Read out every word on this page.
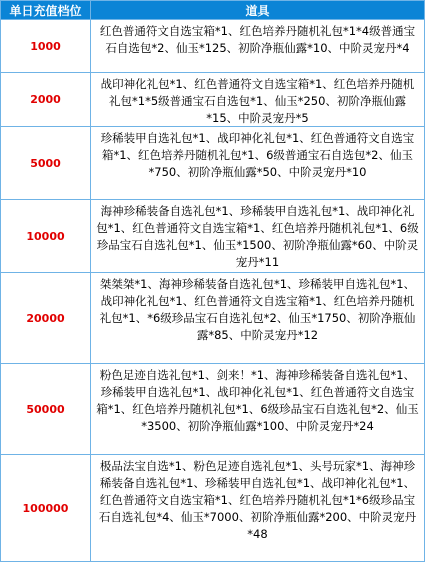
单日充值档位	道具
1000
红色普通符文自选宝箱*1、红色培养丹随机礼包*1*4级普通宝石自选包*2、仙玉*125、初阶净瓶仙露*10、中阶灵宠丹*4
2000
战印神化礼包*1、红色普通符文自选宝箱*1、红色培养丹随机礼包*1*5级普通宝石自选包*1、仙玉*250、初阶净瓶仙露*15、中阶灵宠丹*5
5000
珍稀装甲自选礼包*1、战印神化礼包*1、红色普通符文自选宝箱*1、红色培养丹随机礼包*1、6级普通宝石自选包*2、仙玉*750、初阶净瓶仙露*50、中阶灵宠丹*10
10000
海神珍稀装备自选礼包*1、珍稀装甲自选礼包*1、战印神化礼包*1、红色普通符文自选宝箱*1、红色培养丹随机礼包*1、6级珍品宝石自选礼包*1、仙玉*1500、初阶净瓶仙露*60、中阶灵宠丹*11
20000
桀桀桀*1、海神珍稀装备自选礼包*1、珍稀装甲自选礼包*1、战印神化礼包*1、红色普通符文自选宝箱*1、红色培养丹随机礼包*1、*6级珍品宝石自选礼包*2、仙玉*1750、初阶净瓶仙露*85、中阶灵宠丹*12
50000
粉色足迹自选礼包*1、剑来！*1、海神珍稀装备自选礼包*1、珍稀装甲自选礼包*1、战印神化礼包*1、红色普通符文自选宝箱*1、红色培养丹随机礼包*1、6级珍品宝石自选礼包*2、仙玉*3500、初阶净瓶仙露*100、中阶灵宠丹*24
100000
极品法宝自选*1、粉色足迹自选礼包*1、头号玩家*1、海神珍稀装备自选礼包*1、珍稀装甲自选礼包*1、战印神化礼包*1、红色普通符文自选宝箱*1、红色培养丹随机礼包*1*6级珍品宝石自选礼包*4、仙玉*7000、初阶净瓶仙露*200、中阶灵宠丹*48
